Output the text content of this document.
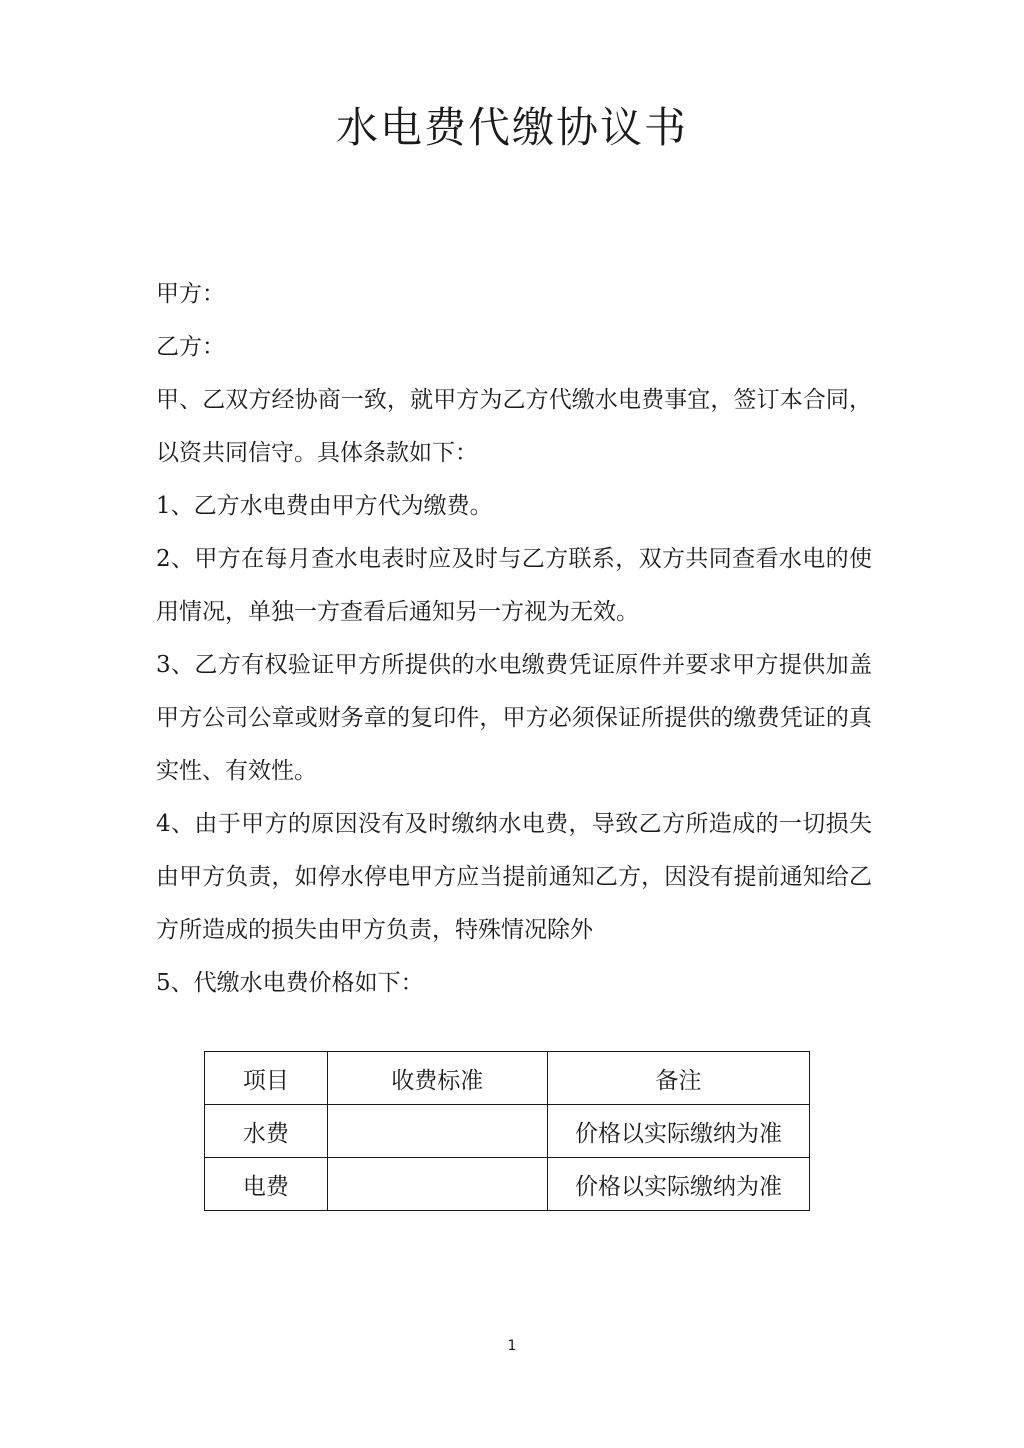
水电费代缴协议书

甲方：

乙方：

甲、乙双方经协商一致，就甲方为乙方代缴水电费事宜，签订本合同，以资共同信守。具体条款如下：

1、乙方水电费由甲方代为缴费。

2、甲方在每月查水电表时应及时与乙方联系，双方共同查看水电的使用情况，单独一方查看后通知另一方视为无效。

3、乙方有权验证甲方所提供的水电缴费凭证原件并要求甲方提供加盖甲方公司公章或财务章的复印件，甲方必须保证所提供的缴费凭证的真实性、有效性。

4、由于甲方的原因没有及时缴纳水电费，导致乙方所造成的一切损失由甲方负责，如停水停电甲方应当提前通知乙方，因没有提前通知给乙方所造成的损失由甲方负责，特殊情况除外

5、代缴水电费价格如下：

项目	收费标准	备注
水费		价格以实际缴纳为准
电费		价格以实际缴纳为准
1
